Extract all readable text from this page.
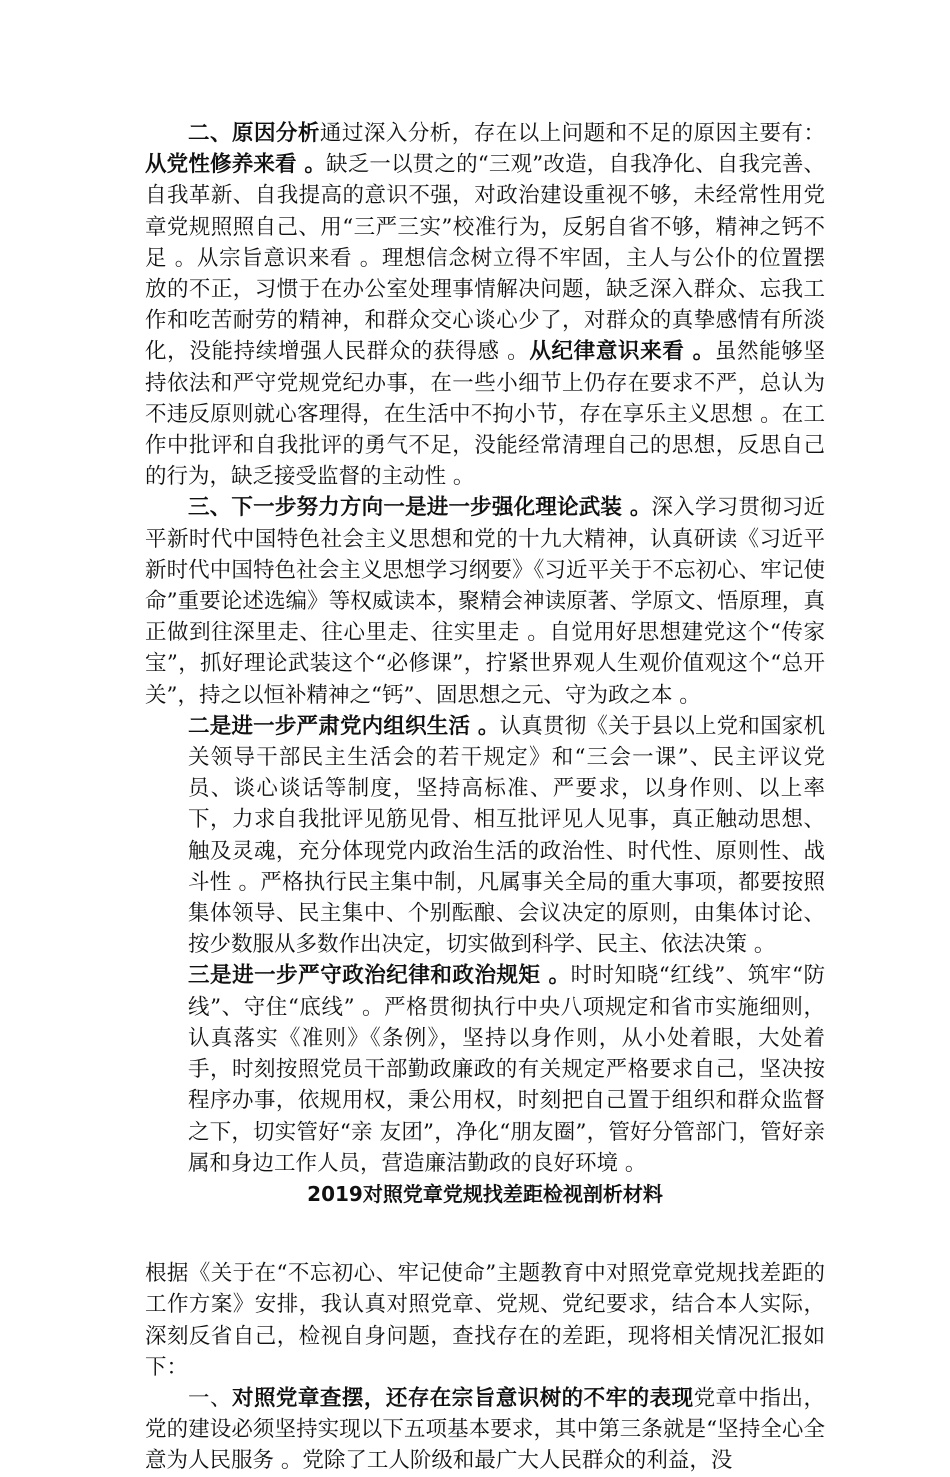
二、原因分析通过深入分析，存在以上问题和不足的原因主要有：从党性修养来看 。缺乏一以贯之的“三观”改造，自我净化、自我完善、自我革新、自我提高的意识不强，对政治建设重视不够，未经常性用党章党规照照自己、用“三严三实”校准行为，反躬自省不够，精神之钙不足 。从宗旨意识来看 。理想信念树立得不牢固，主人与公仆的位置摆放的不正，习惯于在办公室处理事情解决问题，缺乏深入群众、忘我工作和吃苦耐劳的精神，和群众交心谈心少了，对群众的真挚感情有所淡化，没能持续增强人民群众的获得感 。从纪律意识来看 。虽然能够坚持依法和严守党规党纪办事，在一些小细节上仍存在要求不严，总认为不违反原则就心客理得，在生活中不拘小节，存在享乐主义思想 。在工作中批评和自我批评的勇气不足，没能经常清理自己的思想，反思自己的行为，缺乏接受监督的主动性 。

三、下一步努力方向一是进一步强化理论武装 。深入学习贯彻习近平新时代中国特色社会主义思想和党的十九大精神，认真研读《习近平新时代中国特色社会主义思想学习纲要》《习近平关于不忘初心、牢记使命”重要论述选编》等权威读本，聚精会神读原著、学原文、悟原理，真正做到往深里走、往心里走、往实里走 。自觉用好思想建党这个“传家宝”，抓好理论武装这个“必修课”，拧紧世界观人生观价值观这个“总开关”，持之以恒补精神之“钙”、固思想之元、守为政之本 。

二是进一步严肃党内组织生活 。认真贯彻《关于县以上党和国家机关领导干部民主生活会的若干规定》和“三会一课”、民主评议党员、谈心谈话等制度，坚持高标准、严要求，以身作则、以上率下，力求自我批评见筋见骨、相互批评见人见事，真正触动思想、触及灵魂，充分体现党内政治生活的政治性、时代性、原则性、战斗性 。严格执行民主集中制，凡属事关全局的重大事项，都要按照集体领导、民主集中、个别酝酿、会议决定的原则，由集体讨论、按少数服从多数作出决定，切实做到科学、民主、依法决策 。

三是进一步严守政治纪律和政治规矩 。时时知晓“红线”、筑牢“防线”、守住“底线” 。严格贯彻执行中央八项规定和省市实施细则，认真落实《准则》《条例》，坚持以身作则，从小处着眼，大处着手，时刻按照党员干部勤政廉政的有关规定严格要求自己，坚决按程序办事，依规用权，秉公用权，时刻把自己置于组织和群众监督之下，切实管好“亲 友团”，净化“朋友圈”，管好分管部门，管好亲属和身边工作人员，营造廉洁勤政的良好环境 。

2019对照党章党规找差距检视剖析材料

根据《关于在“不忘初心、牢记使命”主题教育中对照党章党规找差距的工作方案》安排，我认真对照党章、党规、党纪要求，结合本人实际，深刻反省自己，检视自身问题，查找存在的差距，现将相关情况汇报如下：

一、对照党章查摆，还存在宗旨意识树的不牢的表现党章中指出，党的建设必须坚持实现以下五项基本要求，其中第三条就是“坚持全心全意为人民服务 。党除了工人阶级和最广大人民群众的利益，没
